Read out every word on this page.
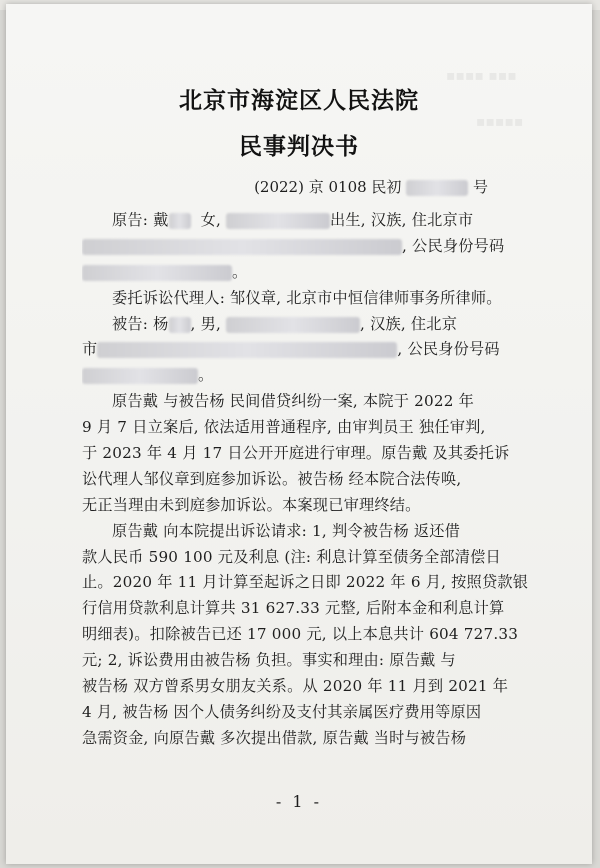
▪▪▪▪ ▪▪▪
▪▪▪▪▪
北京市海淀区人民法院
民事判决书
(2022) 京 0108 民初	号
原告: 戴 女,	出生, 汉族, 住北京市
, 公民身份号码
。
委托诉讼代理人: 邹仪章, 北京市中恒信律师事务所律师。
被告: 杨 , 男,	, 汉族, 住北京
市	, 公民身份号码
。
原告戴 与被告杨 民间借贷纠纷一案, 本院于 2022 年
9 月 7 日立案后, 依法适用普通程序, 由审判员王 独任审判,
于 2023 年 4 月 17 日公开开庭进行审理。原告戴 及其委托诉
讼代理人邹仪章到庭参加诉讼。被告杨 经本院合法传唤,
无正当理由未到庭参加诉讼。本案现已审理终结。
原告戴 向本院提出诉讼请求: 1, 判令被告杨 返还借
款人民币 590 100 元及利息 (注: 利息计算至债务全部清偿日
止。2020 年 11 月计算至起诉之日即 2022 年 6 月, 按照贷款银
行信用贷款利息计算共 31 627.33 元整, 后附本金和利息计算
明细表)。扣除被告已还 17 000 元, 以上本息共计 604 727.33
元; 2, 诉讼费用由被告杨 负担。事实和理由: 原告戴 与
被告杨 双方曾系男女朋友关系。从 2020 年 11 月到 2021 年
4 月, 被告杨 因个人债务纠纷及支付其亲属医疗费用等原因
急需资金, 向原告戴 多次提出借款, 原告戴 当时与被告杨
- 1 -
